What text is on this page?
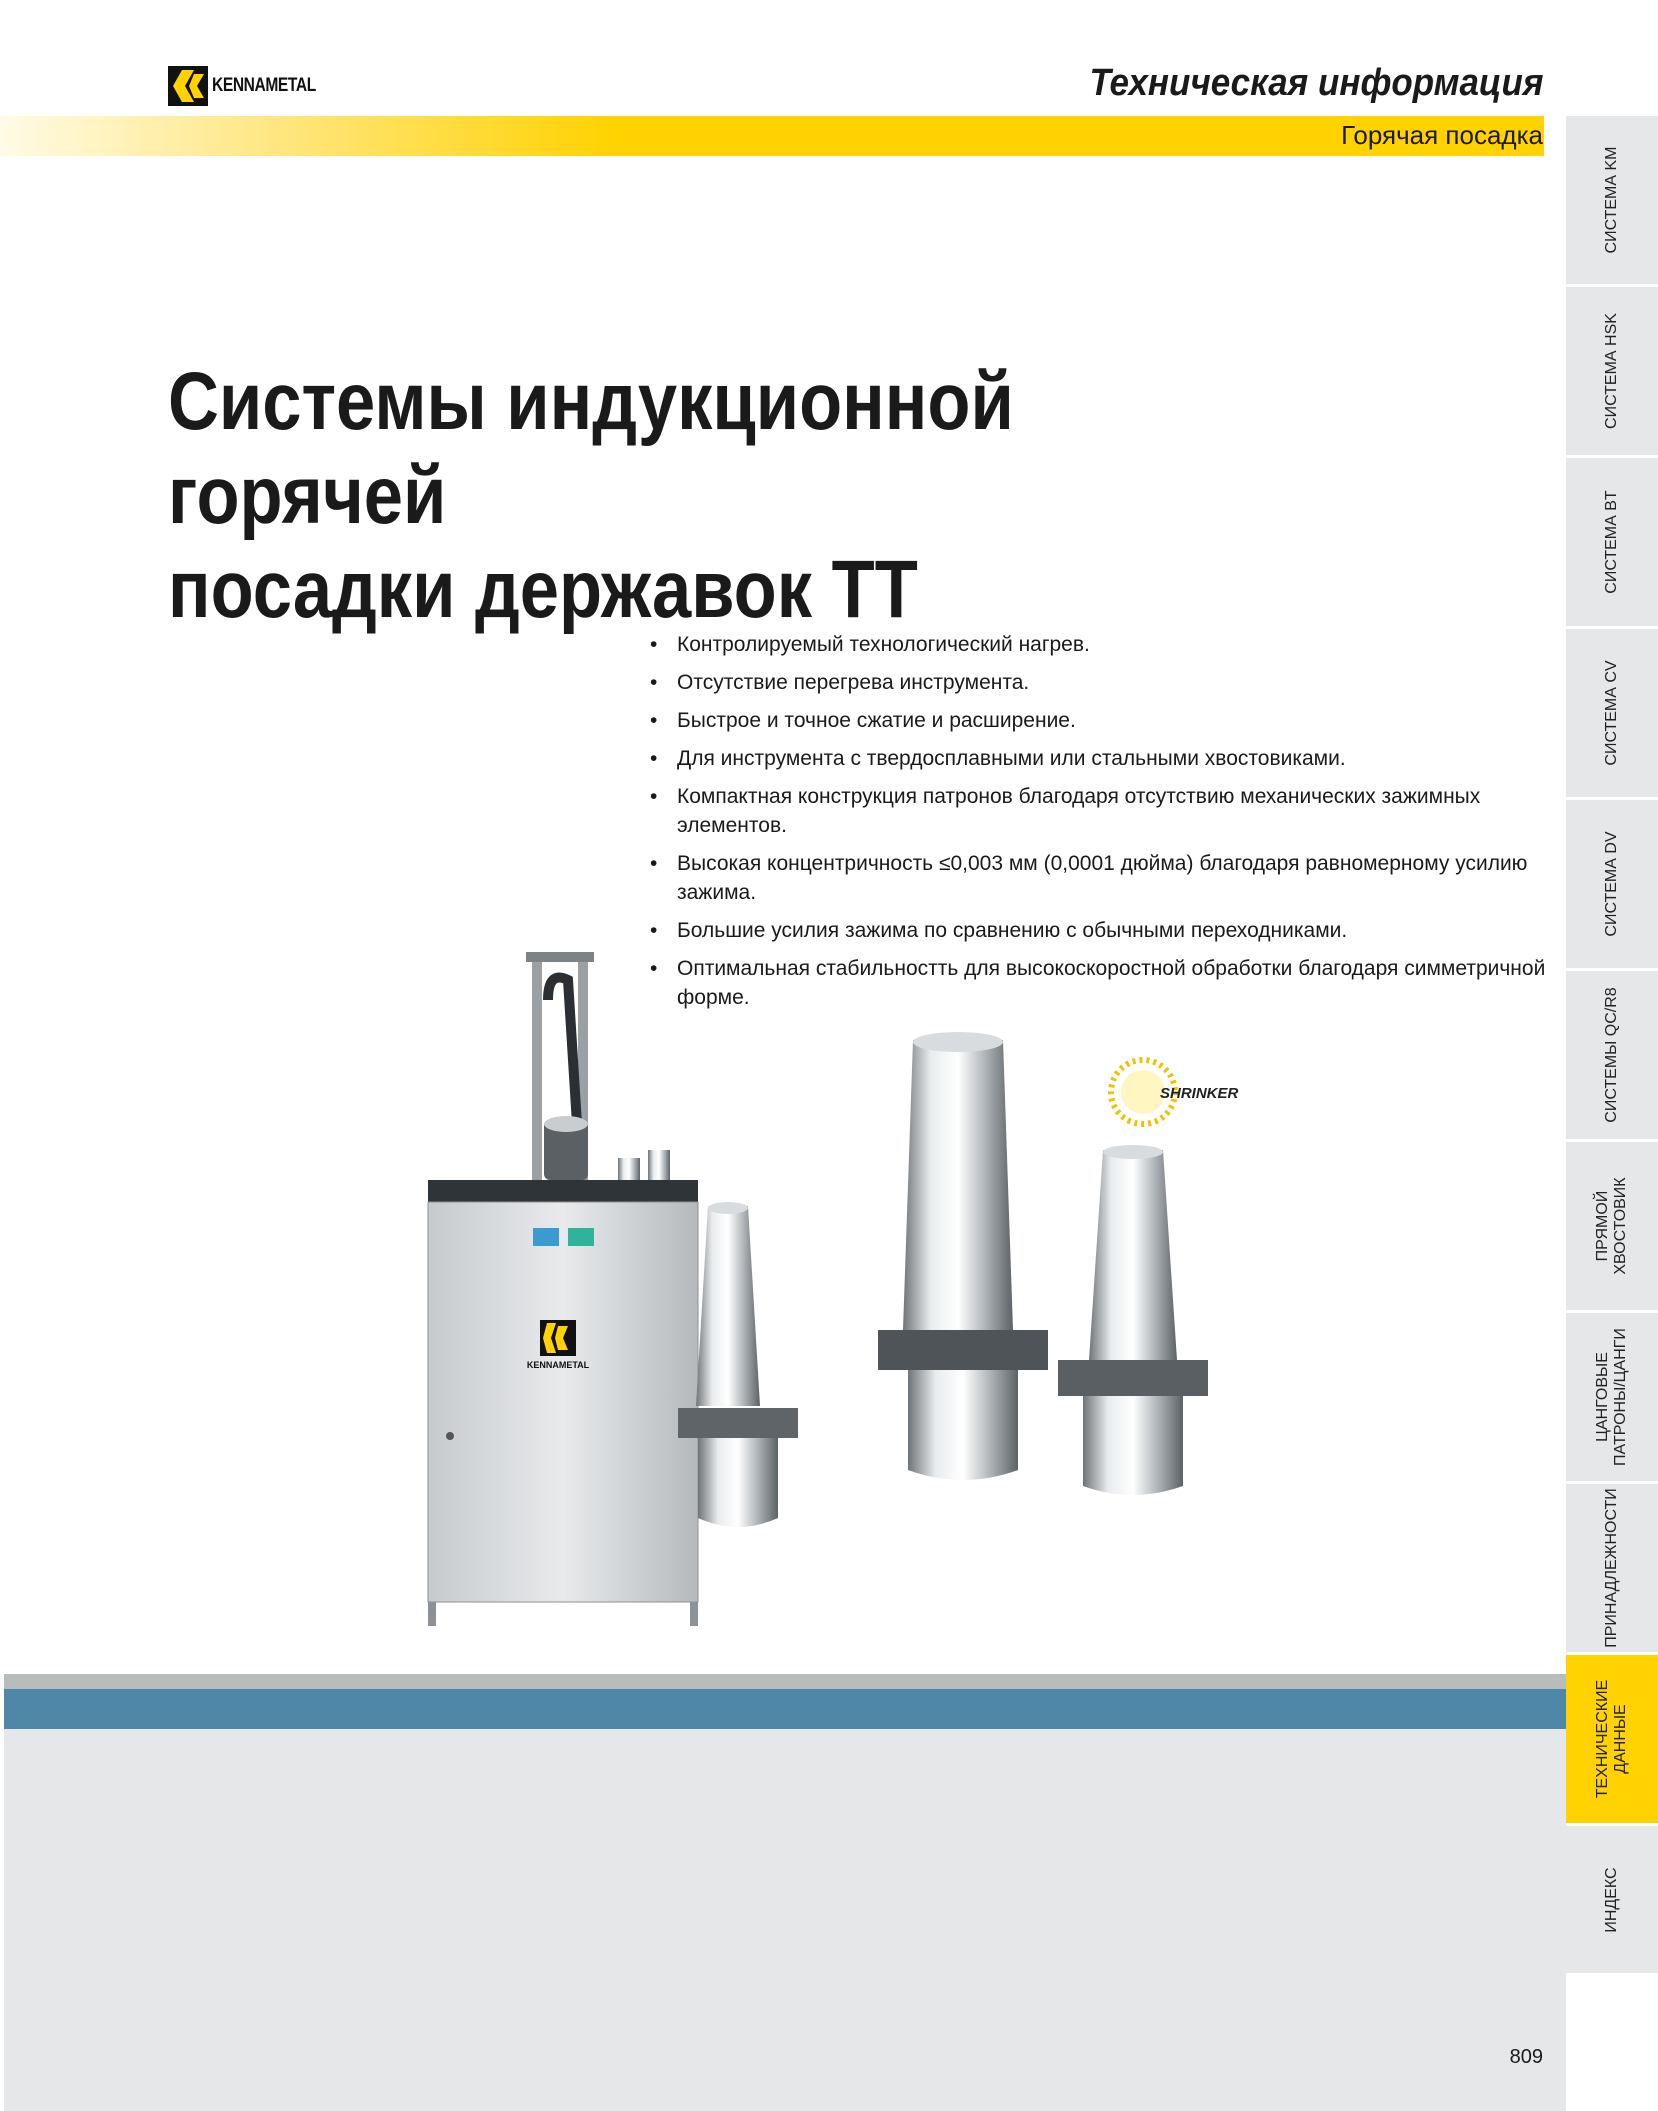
KENNAMETAL	Техническая информация
Горячая посадка
Системы индукционной горячей
посадки державок TT
• Контролируемый технологический нагрев.
• Отсутствие перегрева инструмента.
• Быстрое и точное сжатие и расширение.
• Для инструмента с твердосплавными или стальными хвостовиками.
• Компактная конструкция патронов благодаря отсутствию механических зажимных элементов.
• Высокая концентричность ≤0,003 мм (0,0001 дюйма) благодаря равномерному усилию зажима.
• Большие усилия зажима по сравнению с обычными переходниками.
• Оптимальная стабильностть для высокоскоростной обработки благодаря симметричной форме.
KENNAMETAL
SHRINKER
809
СИСТЕМА KM
СИСТЕМА HSK
СИСТЕМА BT
СИСТЕМА CV
СИСТЕМА DV
СИСТЕМЫ QC/R8
ПРЯМОЙ ХВОСТОВИК
ЦАНГОВЫЕ
ПАТРОНЫ/ЦАНГИ
ПРИНАДЛЕЖНОСТИ
ТЕХНИЧЕСКИЕ
ДАННЫЕ
ИНДЕКС
